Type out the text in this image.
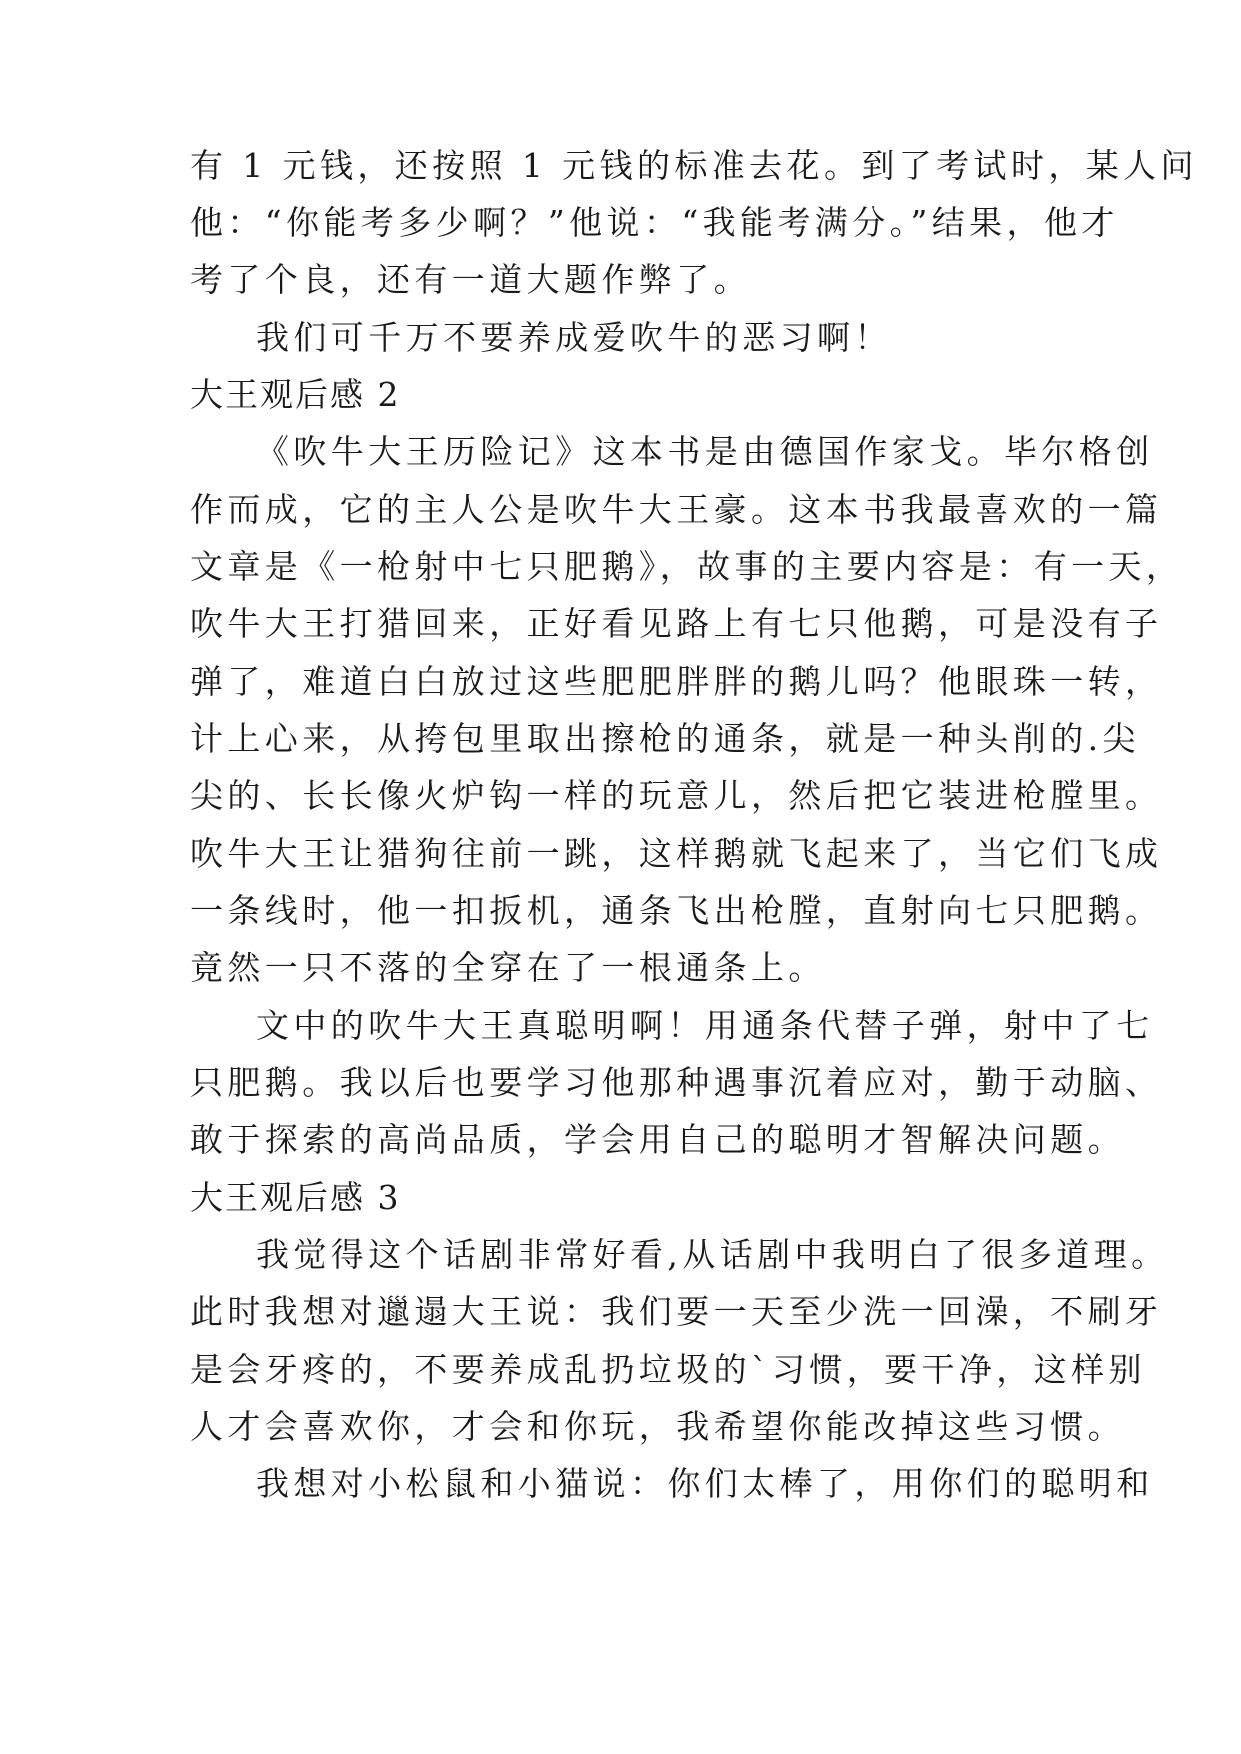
有 1 元钱，还按照 1 元钱的标准去花。到了考试时，某人问
他：“你能考多少啊？”他说：“我能考满分。”结果，他才
考了个良，还有一道大题作弊了。
我们可千万不要养成爱吹牛的恶习啊！
大王观后感 2
《吹牛大王历险记》这本书是由德国作家戈。毕尔格创
作而成，它的主人公是吹牛大王豪。这本书我最喜欢的一篇
文章是《一枪射中七只肥鹅》，故事的主要内容是：有一天，
吹牛大王打猎回来，正好看见路上有七只他鹅，可是没有子
弹了，难道白白放过这些肥肥胖胖的鹅儿吗？他眼珠一转，
计上心来，从挎包里取出擦枪的通条，就是一种头削的.尖
尖的、长长像火炉钩一样的玩意儿，然后把它装进枪膛里。
吹牛大王让猎狗往前一跳，这样鹅就飞起来了，当它们飞成
一条线时，他一扣扳机，通条飞出枪膛，直射向七只肥鹅。
竟然一只不落的全穿在了一根通条上。
文中的吹牛大王真聪明啊！用通条代替子弹，射中了七
只肥鹅。我以后也要学习他那种遇事沉着应对，勤于动脑、
敢于探索的高尚品质，学会用自己的聪明才智解决问题。
大王观后感 3
我觉得这个话剧非常好看,从话剧中我明白了很多道理。
此时我想对邋遢大王说：我们要一天至少洗一回澡，不刷牙
是会牙疼的，不要养成乱扔垃圾的`习惯，要干净，这样别
人才会喜欢你，才会和你玩，我希望你能改掉这些习惯。
我想对小松鼠和小猫说：你们太棒了，用你们的聪明和
